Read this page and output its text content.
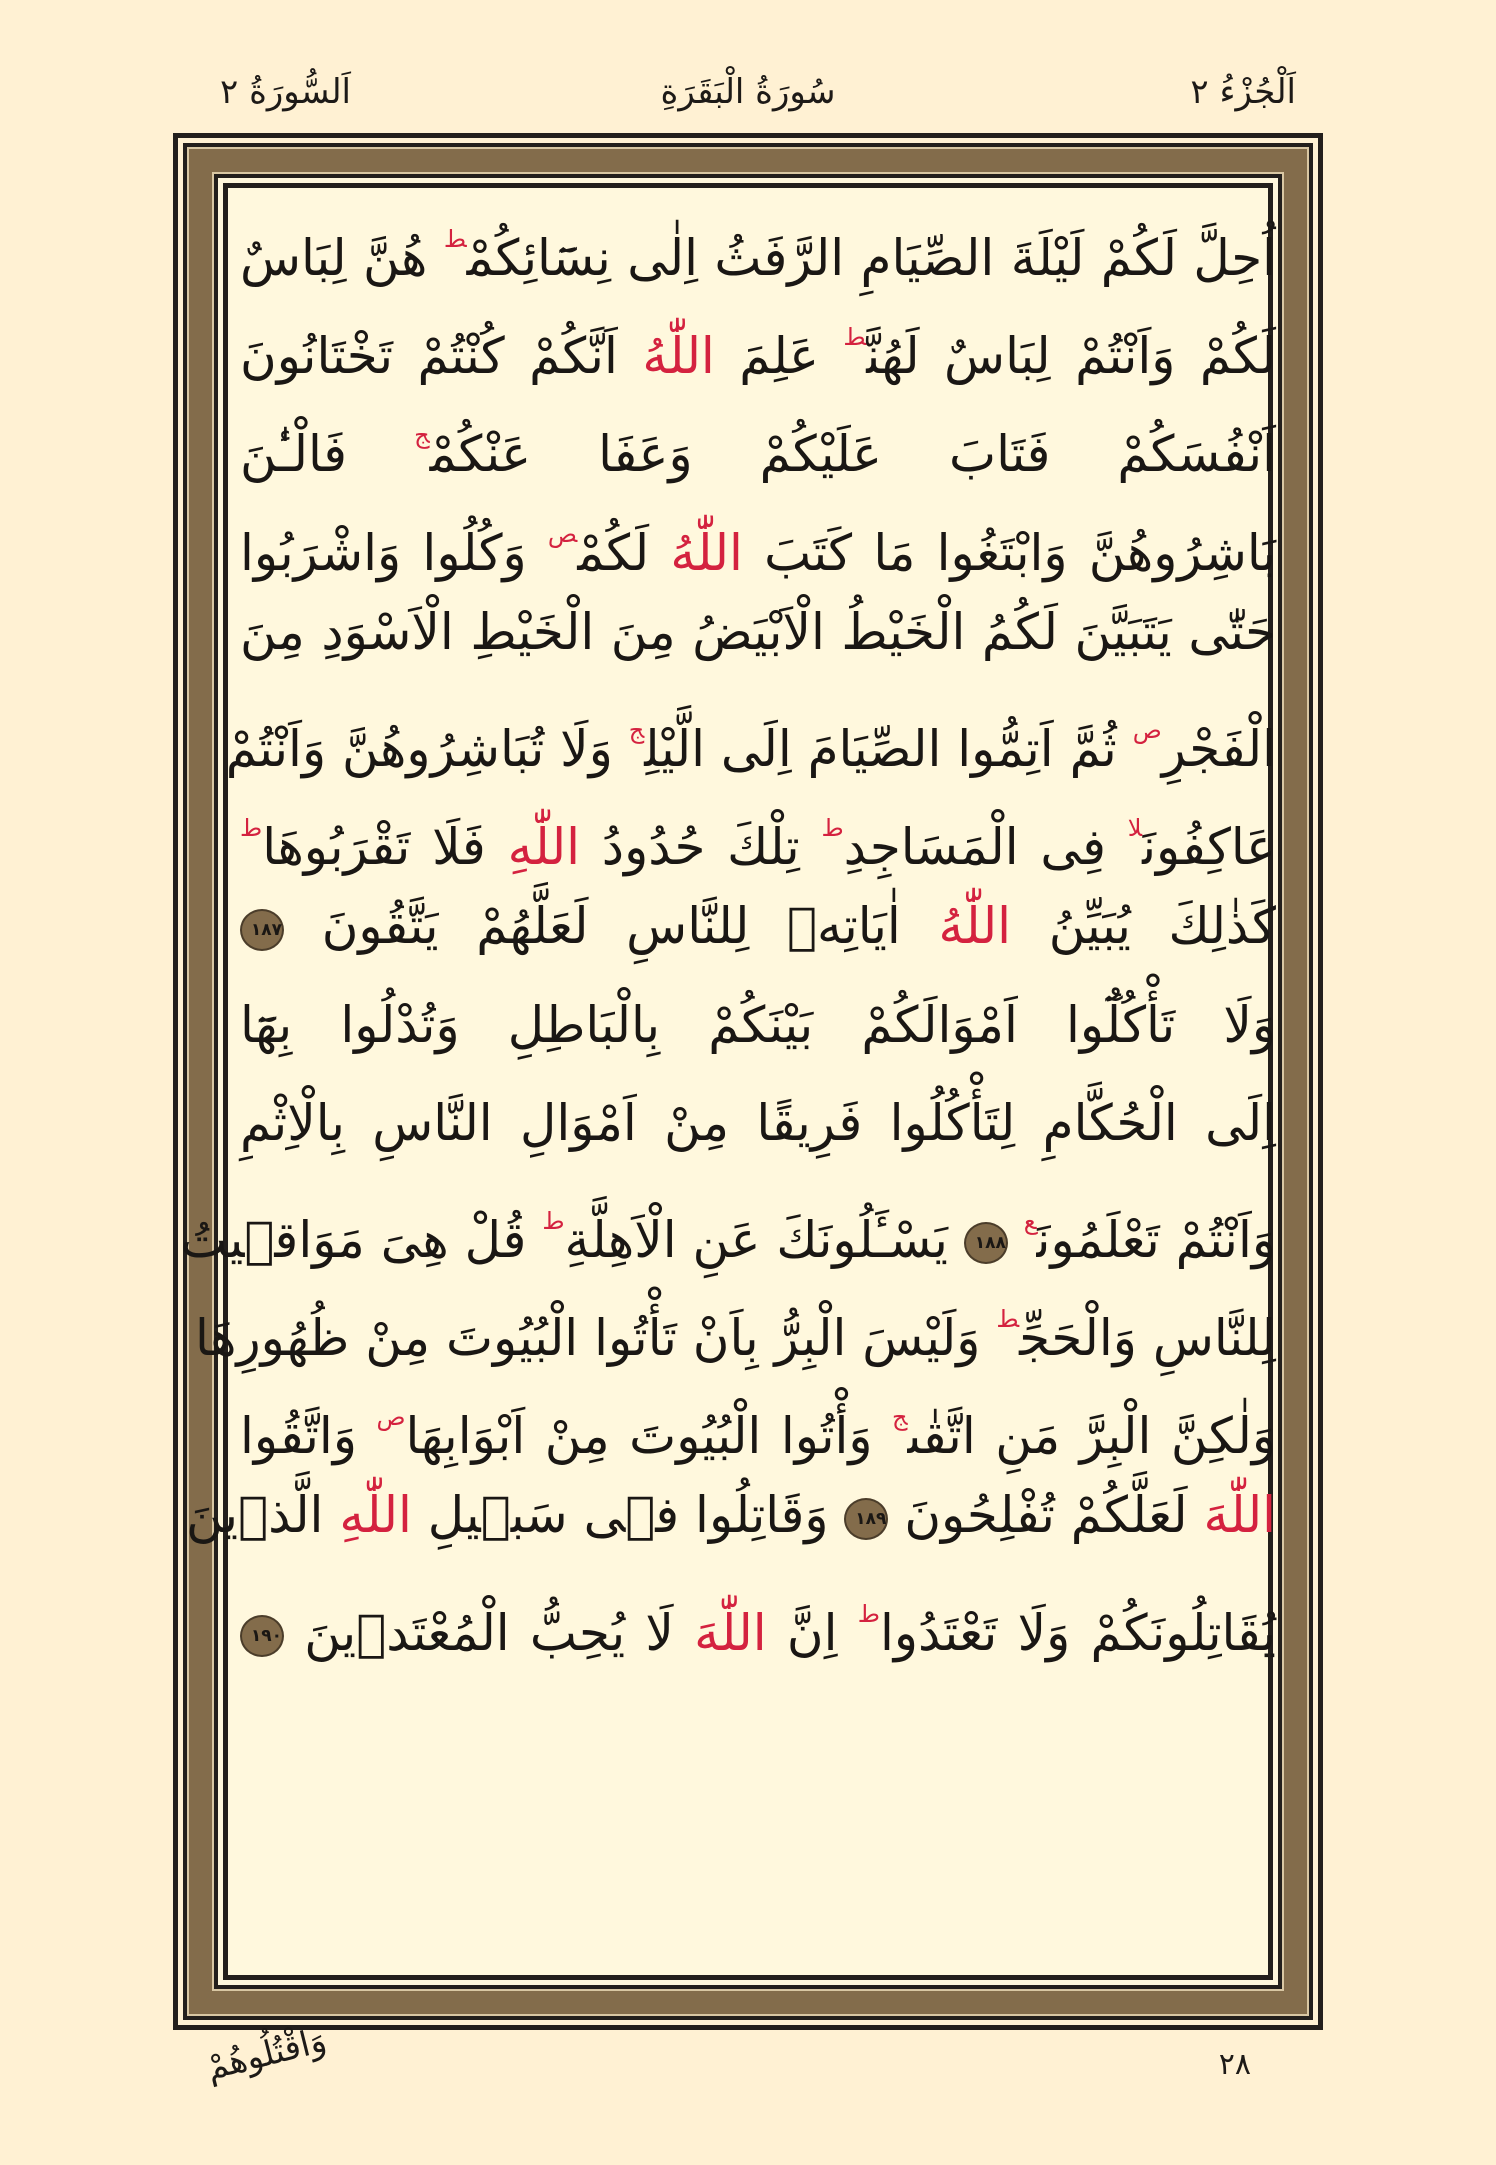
اَلْجُزْءُ ٢
سُورَةُ الْبَقَرَةِ
اَلسُّورَةُ ٢
اُحِلَّ لَكُمْ لَيْلَةَ الصِّيَامِ الرَّفَثُ اِلٰى نِسَٓائِكُمْ$^ط$ هُنَّ لِبَاسٌ
لَكُمْ وَاَنْتُمْ لِبَاسٌ لَهُنَّ$^ط$ عَلِمَ اللّٰهُ اَنَّكُمْ كُنْتُمْ تَخْتَانُونَ
اَنْفُسَكُمْ فَتَابَ عَلَيْكُمْ وَعَفَا عَنْكُمْ$^ج$ فَالْـٰٔنَ
بَاشِرُوهُنَّ وَابْتَغُوا مَا كَتَبَ اللّٰهُ لَكُمْ$^ص$ وَكُلُوا وَاشْرَبُوا
حَتّٰى يَتَبَيَّنَ لَكُمُ الْخَيْطُ الْاَبْيَضُ مِنَ الْخَيْطِ الْاَسْوَدِ مِنَ
الْفَجْرِ$^ص$ ثُمَّ اَتِمُّوا الصِّيَامَ اِلَى الَّيْلِ$^ج$ وَلَا تُبَاشِرُوهُنَّ وَاَنْتُمْ
عَاكِفُونَ$^{لا}$ فِى الْمَسَاجِدِ$^ط$ تِلْكَ حُدُودُ اللّٰهِ فَلَا تَقْرَبُوهَا$^ط$
كَذٰلِكَ يُبَيِّنُ اللّٰهُ اٰيَاتِه۪ لِلنَّاسِ لَعَلَّهُمْ يَتَّقُونَ ١٨٧
وَلَا تَأْكُلُٓوا اَمْوَالَكُمْ بَيْنَكُمْ بِالْبَاطِلِ وَتُدْلُوا بِهَٓا
اِلَى الْحُكَّامِ لِتَأْكُلُوا فَرِيقًا مِنْ اَمْوَالِ النَّاسِ بِالْاِثْمِ
وَاَنْتُمْ تَعْلَمُونَ$^ع$ ١٨٨ يَسْـَٔلُونَكَ عَنِ الْاَهِلَّةِ$^ط$ قُلْ هِىَ مَوَاق۪يتُ
لِلنَّاسِ وَالْحَجِّ$^ط$ وَلَيْسَ الْبِرُّ بِاَنْ تَأْتُوا الْبُيُوتَ مِنْ ظُهُورِهَا
وَلٰكِنَّ الْبِرَّ مَنِ اتَّقٰى$^ج$ وَأْتُوا الْبُيُوتَ مِنْ اَبْوَابِهَا$^ص$ وَاتَّقُوا
اللّٰهَ لَعَلَّكُمْ تُفْلِحُونَ ١٨٩ وَقَاتِلُوا ف۪ى سَب۪يلِ اللّٰهِ الَّذ۪ينَ
يُقَاتِلُونَكُمْ وَلَا تَعْتَدُوا$^ط$ اِنَّ اللّٰهَ لَا يُحِبُّ الْمُعْتَد۪ينَ ١٩٠
٢٨
وَاقْتُلُوهُمْ
